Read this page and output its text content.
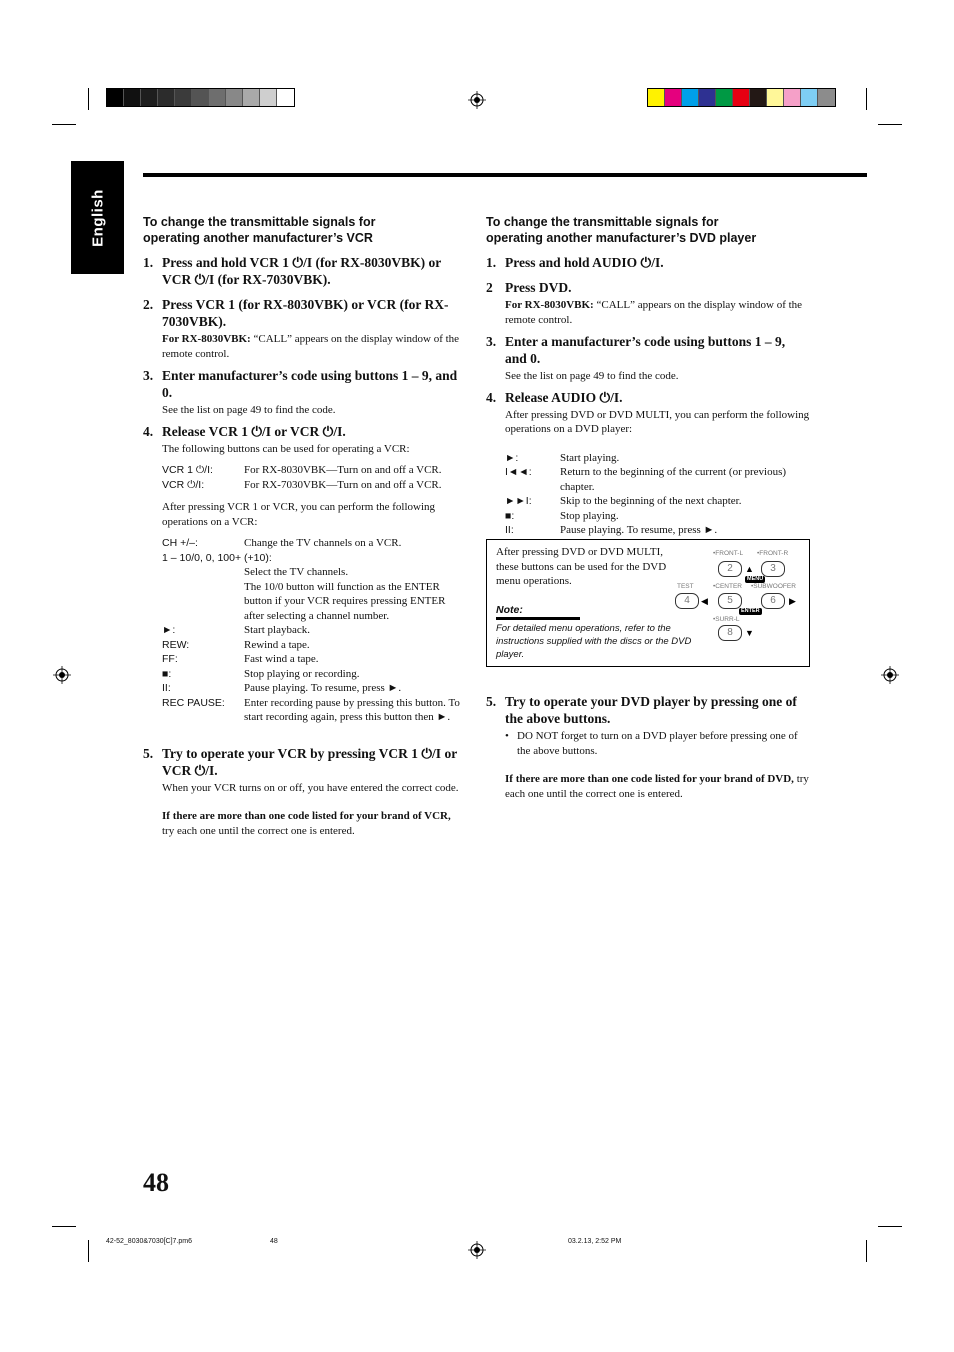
English	To change the transmittable signals for
operating another manufacturer’s VCR
1. Press and hold VCR 1 ⏻/I (for RX-8030VBK) or VCR ⏻/I (for RX-7030VBK).
2. Press VCR 1 (for RX-8030VBK) or VCR (for RX-7030VBK).
For RX-8030VBK: “CALL” appears on the display window of the remote control.
3. Enter manufacturer’s code using buttons 1 – 9, and 0.
See the list on page 49 to find the code.
4. Release VCR 1 ⏻/I or VCR ⏻/I.
The following buttons can be used for operating a VCR:
VCR 1 ⏻/I:	For RX-8030VBK—Turn on and off a VCR.
VCR ⏻/I:	For RX-7030VBK—Turn on and off a VCR.
After pressing VCR 1 or VCR, you can perform the following operations on a VCR:
CH +/–:	Change the TV channels on a VCR.
1 – 10/0, 0, 100+ (+10):
Select the TV channels.
The 10/0 button will function as the ENTER button if your VCR requires pressing ENTER after selecting a channel number.
►:	Start playback.
REW:	Rewind a tape.
FF:	Fast wind a tape.
■:	Stop playing or recording.
II:	Pause playing. To resume, press ►.
REC PAUSE:	Enter recording pause by pressing this button. To start recording again, press this button then ►.
5. Try to operate your VCR by pressing VCR 1 ⏻/I or VCR ⏻/I.
When your VCR turns on or off, you have entered the correct code.
If there are more than one code listed for your brand of VCR, try each one until the correct one is entered.
To change the transmittable signals for
operating another manufacturer’s DVD player
1. Press and hold AUDIO ⏻/I.
2 Press DVD.
For RX-8030VBK: “CALL” appears on the display window of the remote control.
3. Enter a manufacturer’s code using buttons 1 – 9, and 0.
See the list on page 49 to find the code.
4. Release AUDIO ⏻/I.
After pressing DVD or DVD MULTI, you can perform the following operations on a DVD player:
►:	Start playing.
I◄◄:	Return to the beginning of the current (or previous) chapter.
►►I:	Skip to the beginning of the next chapter.
■:	Stop playing.
II:	Pause playing. To resume, press ►.
After pressing DVD or DVD MULTI, these buttons can be used for the DVD menu operations.
Note:
For detailed menu operations, refer to the instructions supplied with the discs or the DVD player.
•FRONT-L •FRONT-R
2	▲	3
MENU
TEST	•CENTER •SUBWOOFER
4	◀	5	6	▶
ENTER
•SURR-L
8	▼
5. Try to operate your DVD player by pressing one of the above buttons.
• DO NOT forget to turn on a DVD player before pressing one of the above buttons.
If there are more than one code listed for your brand of DVD, try each one until the correct one is entered.
48
42-52_8030&7030[C]7.pm6	48	03.2.13, 2:52 PM
